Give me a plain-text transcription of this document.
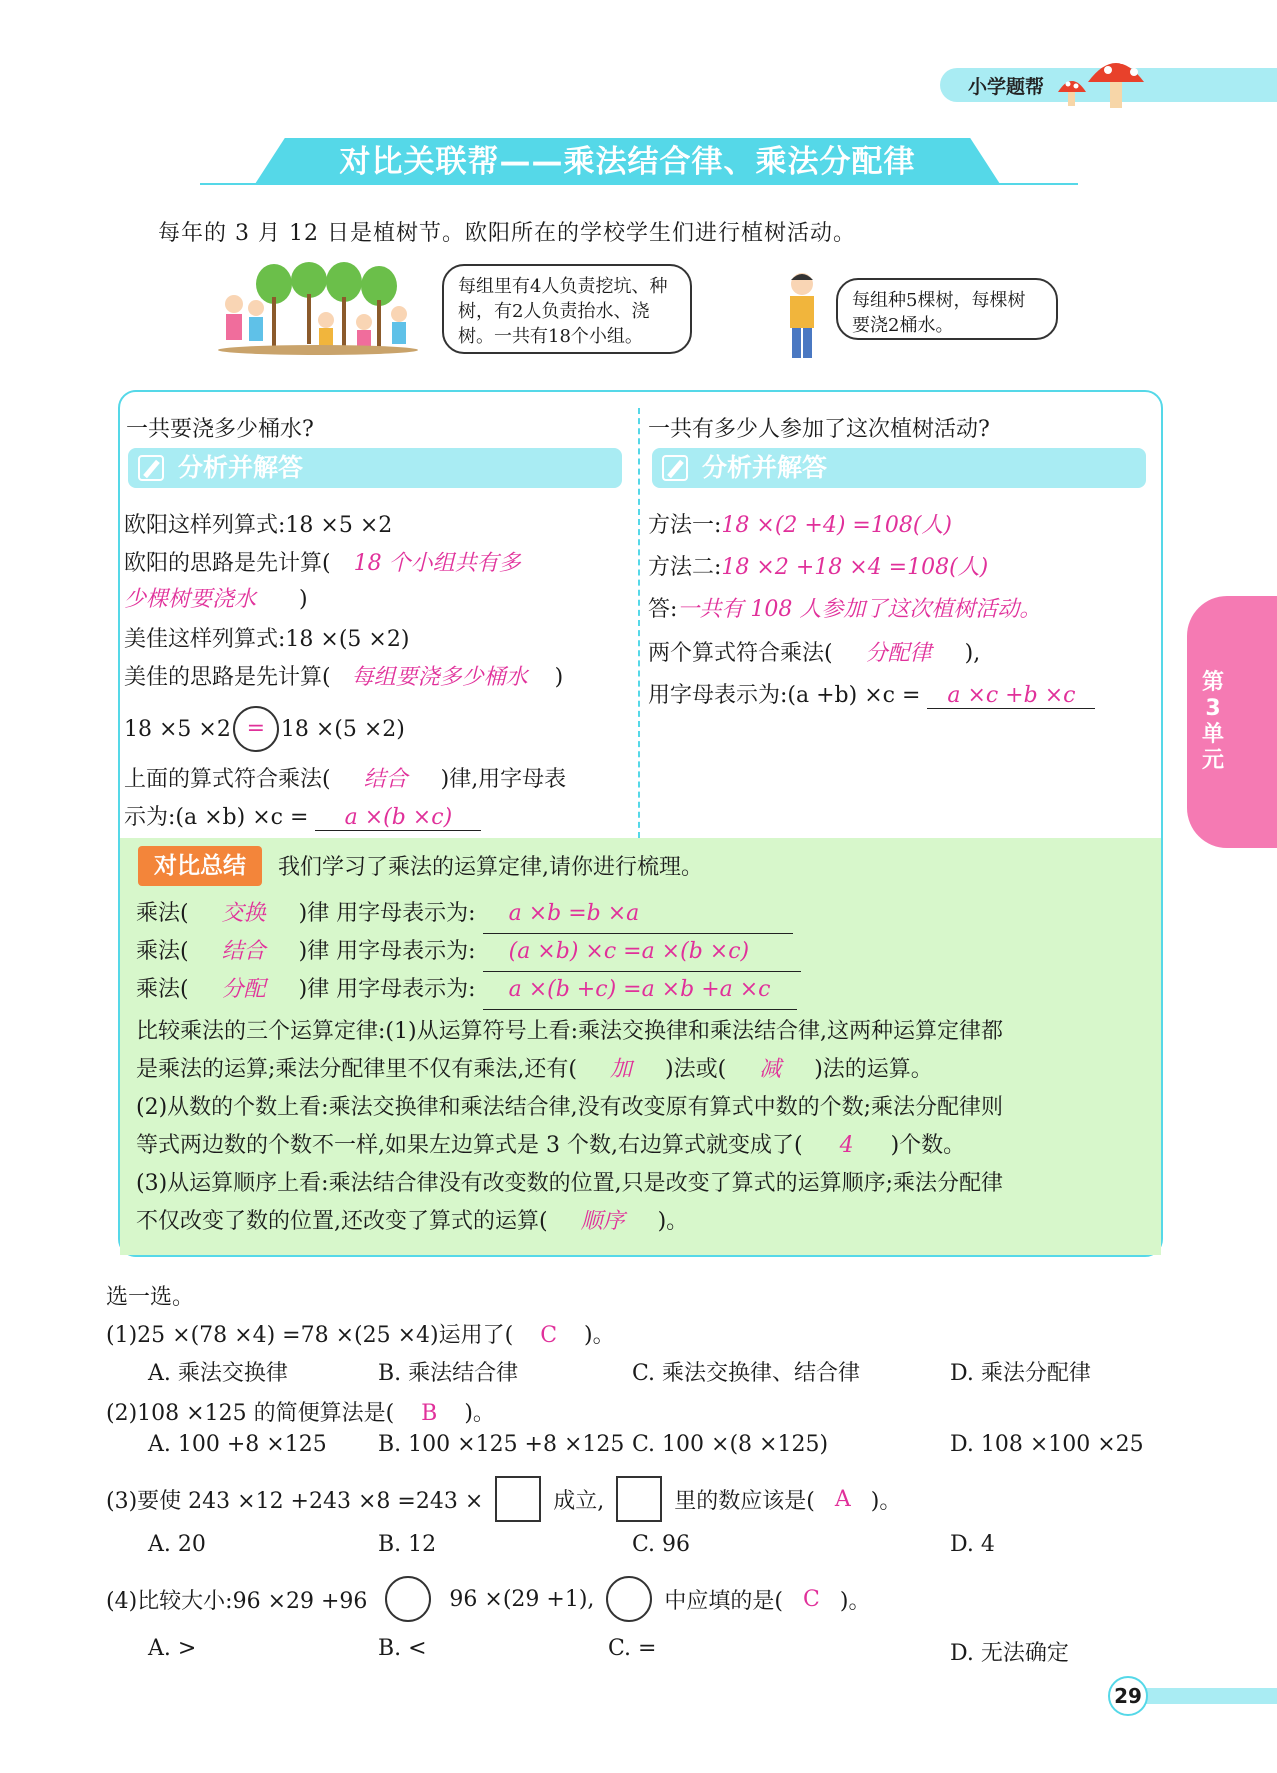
小学题帮
对比关联帮——乘法结合律、乘法分配律
每年的 3 月 12 日是植树节。欧阳所在的学校学生们进行植树活动。
每组里有4人负责挖坑、种树，有2人负责抬水、浇树。一共有18个小组。
每组种5棵树，每棵树要浇2桶水。
一共要浇多少桶水?
分析并解答
欧阳这样列算式:18 ×5 ×2
欧阳的思路是先计算( 18 个小组共有多
少棵树要浇水 )
美佳这样列算式:18 ×(5 ×2)
美佳的思路是先计算( 每组要浇多少桶水 )
18 ×5 ×2 = 18 ×(5 ×2)
上面的算式符合乘法( 结合 )律,用字母表
示为:(a ×b) ×c = a ×(b ×c)
一共有多少人参加了这次植树活动?
分析并解答
方法一:18 ×(2 +4) =108(人)
方法二:18 ×2 +18 ×4 =108(人)
答:一共有 108 人参加了这次植树活动。
两个算式符合乘法( 分配律 ),
用字母表示为:(a +b) ×c = a ×c +b ×c
对比总结	我们学习了乘法的运算定律,请你进行梳理。
乘法( 交换 )律 用字母表示为: a ×b =b ×a
乘法( 结合 )律 用字母表示为: (a ×b) ×c =a ×(b ×c)
乘法( 分配 )律 用字母表示为: a ×(b +c) =a ×b +a ×c
比较乘法的三个运算定律:(1)从运算符号上看:乘法交换律和乘法结合律,这两种运算定律都
是乘法的运算;乘法分配律里不仅有乘法,还有( 加 )法或( 减 )法的运算。
(2)从数的个数上看:乘法交换律和乘法结合律,没有改变原有算式中数的个数;乘法分配律则
等式两边数的个数不一样,如果左边算式是 3 个数,右边算式就变成了( 4 )个数。
(3)从运算顺序上看:乘法结合律没有改变数的位置,只是改变了算式的运算顺序;乘法分配律
不仅改变了数的位置,还改变了算式的运算( 顺序 )。
第
3
单
元
选一选。
(1)25 ×(78 ×4) =78 ×(25 ×4)运用了( C )。
A. 乘法交换律	B. 乘法结合律	C. 乘法交换律、结合律	D. 乘法分配律
(2)108 ×125 的简便算法是( B )。
A. 100 +8 ×125 B. 100 ×125 +8 ×125 C. 100 ×(8 ×125)	D. 108 ×100 ×25
(3)要使 243 ×12 +243 ×8 =243 ×	成立,	里的数应该是( A )。
A. 20	B. 12	C. 96	D. 4
(4)比较大小:96 ×29 +96	96 ×(29 +1),	中应填的是( C )。
A. >	B. <	C. =	D. 无法确定
29
